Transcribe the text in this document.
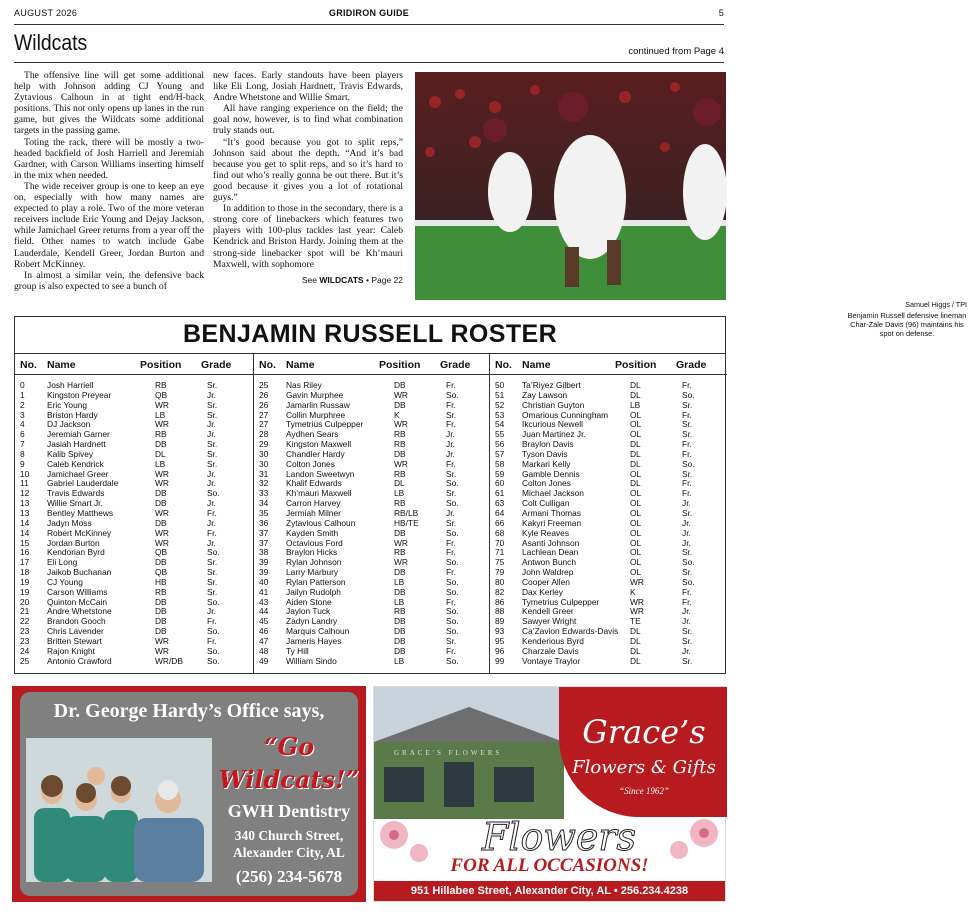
AUGUST 2026	GRIDIRON GUIDE	5
Wildcats	continued from Page 4

The offensive line will get some additional help with Johnson adding CJ Young and Zytavious Calhoun in at tight end/H-back positions. This not only opens up lanes in the run game, but gives the Wildcats some additional targets in the passing game.

Toting the rack, there will be mostly a two-headed backfield of Josh Harriell and Jeremiah Gardner, with Carson Williams inserting himself in the mix when needed.

The wide receiver group is one to keep an eye on, especially with how many names are expected to play a role. Two of the more veteran receivers include Eric Young and Dejay Jackson, while Jamichael Greer returns from a year off the field. Other names to watch include Gabe Lauderdale, Kendell Greer, Jordan Burton and Robert McKinney.

In almost a similar vein, the defensive back group is also expected to see a bunch of

new faces. Early standouts have been players like Eli Long, Josiah Hardnett, Travis Edwards, Andre Whetstone and Willie Smart.

All have ranging experience on the field; the goal now, however, is to find what combination truly stands out.

“It’s good because you got to split reps,” Johnson said about the depth. “And it’s bad because you get to split reps, and so it’s hard to find out who’s really gonna be out there. But it’s good because it gives you a lot of rotational guys.”

In addition to those in the secondary, there is a strong core of linebackers which features two players with 100-plus tackles last year: Caleb Kendrick and Briston Hardy. Joining them at the strong-side linebacker spot will be Kh’mauri Maxwell, with sophomore

See WILDCATS • Page 22
Samuel Higgs / TPI
Benjamin Russell defensive lineman Char-Zale Davis (96) maintains his spot on defense.
BENJAMIN RUSSELL ROSTER
No. Name	Position Grade
0	Josh Harriell	RB	Sr.
1	Kingston Preyear	QB	Jr.
2	Eric Young	WR	Sr.
3	Briston Hardy	LB	Sr.
4	DJ Jackson	WR	Jr.
6	Jeremiah Garner	RB	Jr.
7	Jasiah Hardnett	DB	Sr.
8	Kalib Spivey	DL	Sr.
9	Caleb Kendrick	LB	Sr.
10 Jamichael Greer	WR	Jr.
11 Gabriel Lauderdale	WR	Jr.
12 Travis Edwards	DB	So.
13 Willie Smart Jr.	DB	Jr.
13 Bentley Matthews	WR	Fr.
14 Jadyn Moss	DB	Jr.
14 Robert McKinney	WR	Fr.
15 Jordan Burton	WR	Jr.
16 Kendorian Byrd	QB	So.
17 Eli Long	DB	Sr.
18 Jaikob Buchanan	QB	Sr.
19 CJ Young	HB	Sr.
19 Carson Williams	RB	Sr.
20 Quinton McCain	DB	So.
21 Andre Whetstone	DB	Jr.
22 Brandon Gooch	DB	Fr.
23 Chris Lavender	DB	So.
23 Britten Stewart	WR	Fr.
24 Rajon Knight	WR	So.
25 Antonio Crawford	WR/DB	So.
No. Name	Position Grade
25 Nas Riley	DB	Fr.
26 Gavin Murphee	WR	So.
26 Jamarlin Russaw	DB	Fr.
27 Collin Murphree	K	Sr.
27 Tymetrius Culpepper	WR	Fr.
28 Aydhen Sears	RB	Jr.
29 Kingston Maxwell	RB	Jr.
30 Chandler Hardy	DB	Jr.
30 Colton Jones	WR	Fr.
31 Landon Sweetwyn	RB	Sr.
32 Khalif Edwards	DL	So.
33 Kh’mauri Maxwell	LB	Sr.
34 Carron Harvey	RB	So.
35 Jermiah Milner	RB/LB	Jr.
36 Zytavious Calhoun	HB/TE	Sr.
37 Kayden Smith	DB	So.
37 Octavious Ford	WR	Fr.
38 Braylon Hicks	RB	Fr.
39 Rylan Johnson	WR	So.
39 Larry Marbury	DB	Fr.
40 Rylan Patterson	LB	So.
41 Jailyn Rudolph	DB	So.
43 Aiden Stone	LB	Fr.
44 Jaylon Tuck	RB	So.
45 Zadyn Landry	DB	So.
46 Marquis Calhoun	DB	So.
47 Jameris Hayes	DB	Sr.
48 Ty Hill	DB	Fr.
49 William Sindo	LB	So.
No. Name	Position Grade
50 Ta’Riyez Gilbert	DL	Fr.
51 Zay Lawson	DL	So.
52 Christian Guyton	LB	Sr.
53 Omarious Cunningham	OL	Fr.
54 Ikcurious Newell	OL	Sr.
55 Juan Martinez Jr.	OL	Sr.
56 Braylon Davis	DL	Fr.
57 Tyson Davis	DL	Fr.
58 Markari Kelly	DL	So.
59 Gamble Dennis	OL	Sr.
60 Colton Jones	DL	Fr.
61 Michael Jackson	OL	Fr.
63 Colt Culligan	OL	Jr.
64 Armani Thomas	OL	Sr.
66 Kakyri Freeman	OL	Jr.
68 Kyle Reaves	OL	Jr.
70 Asanti Johnson	OL	Jr.
71 Lachlean Dean	OL	Sr.
75 Antwon Bunch	OL	So.
79 John Waldrep	OL	Sr.
80 Cooper Allen	WR	So.
82 Dax Kerley	K	Fr.
86 Tymetrius Culpepper	WR	Fr.
88 Kendell Greer	WR	Jr.
89 Sawyer Wright	TE	Jr.
93 Ca’Zavion Edwards-Davis DL	Sr.
95 Kenderious Byrd	DL	Sr.
96 Charzale Davis	DL	Jr.
99 Vontaye Traylor	DL	Sr.
Dr. George Hardy’s Office says,
“Go
Wildcats!”
GWH Dentistry
340 Church Street,
Alexander City, AL
(256) 234-5678
GRACE'S FLOWERS
Grace’s
Flowers & Gifts
“Since 1962”
Flowers
FOR ALL OCCASIONS!
951 Hillabee Street, Alexander City, AL • 256.234.4238
